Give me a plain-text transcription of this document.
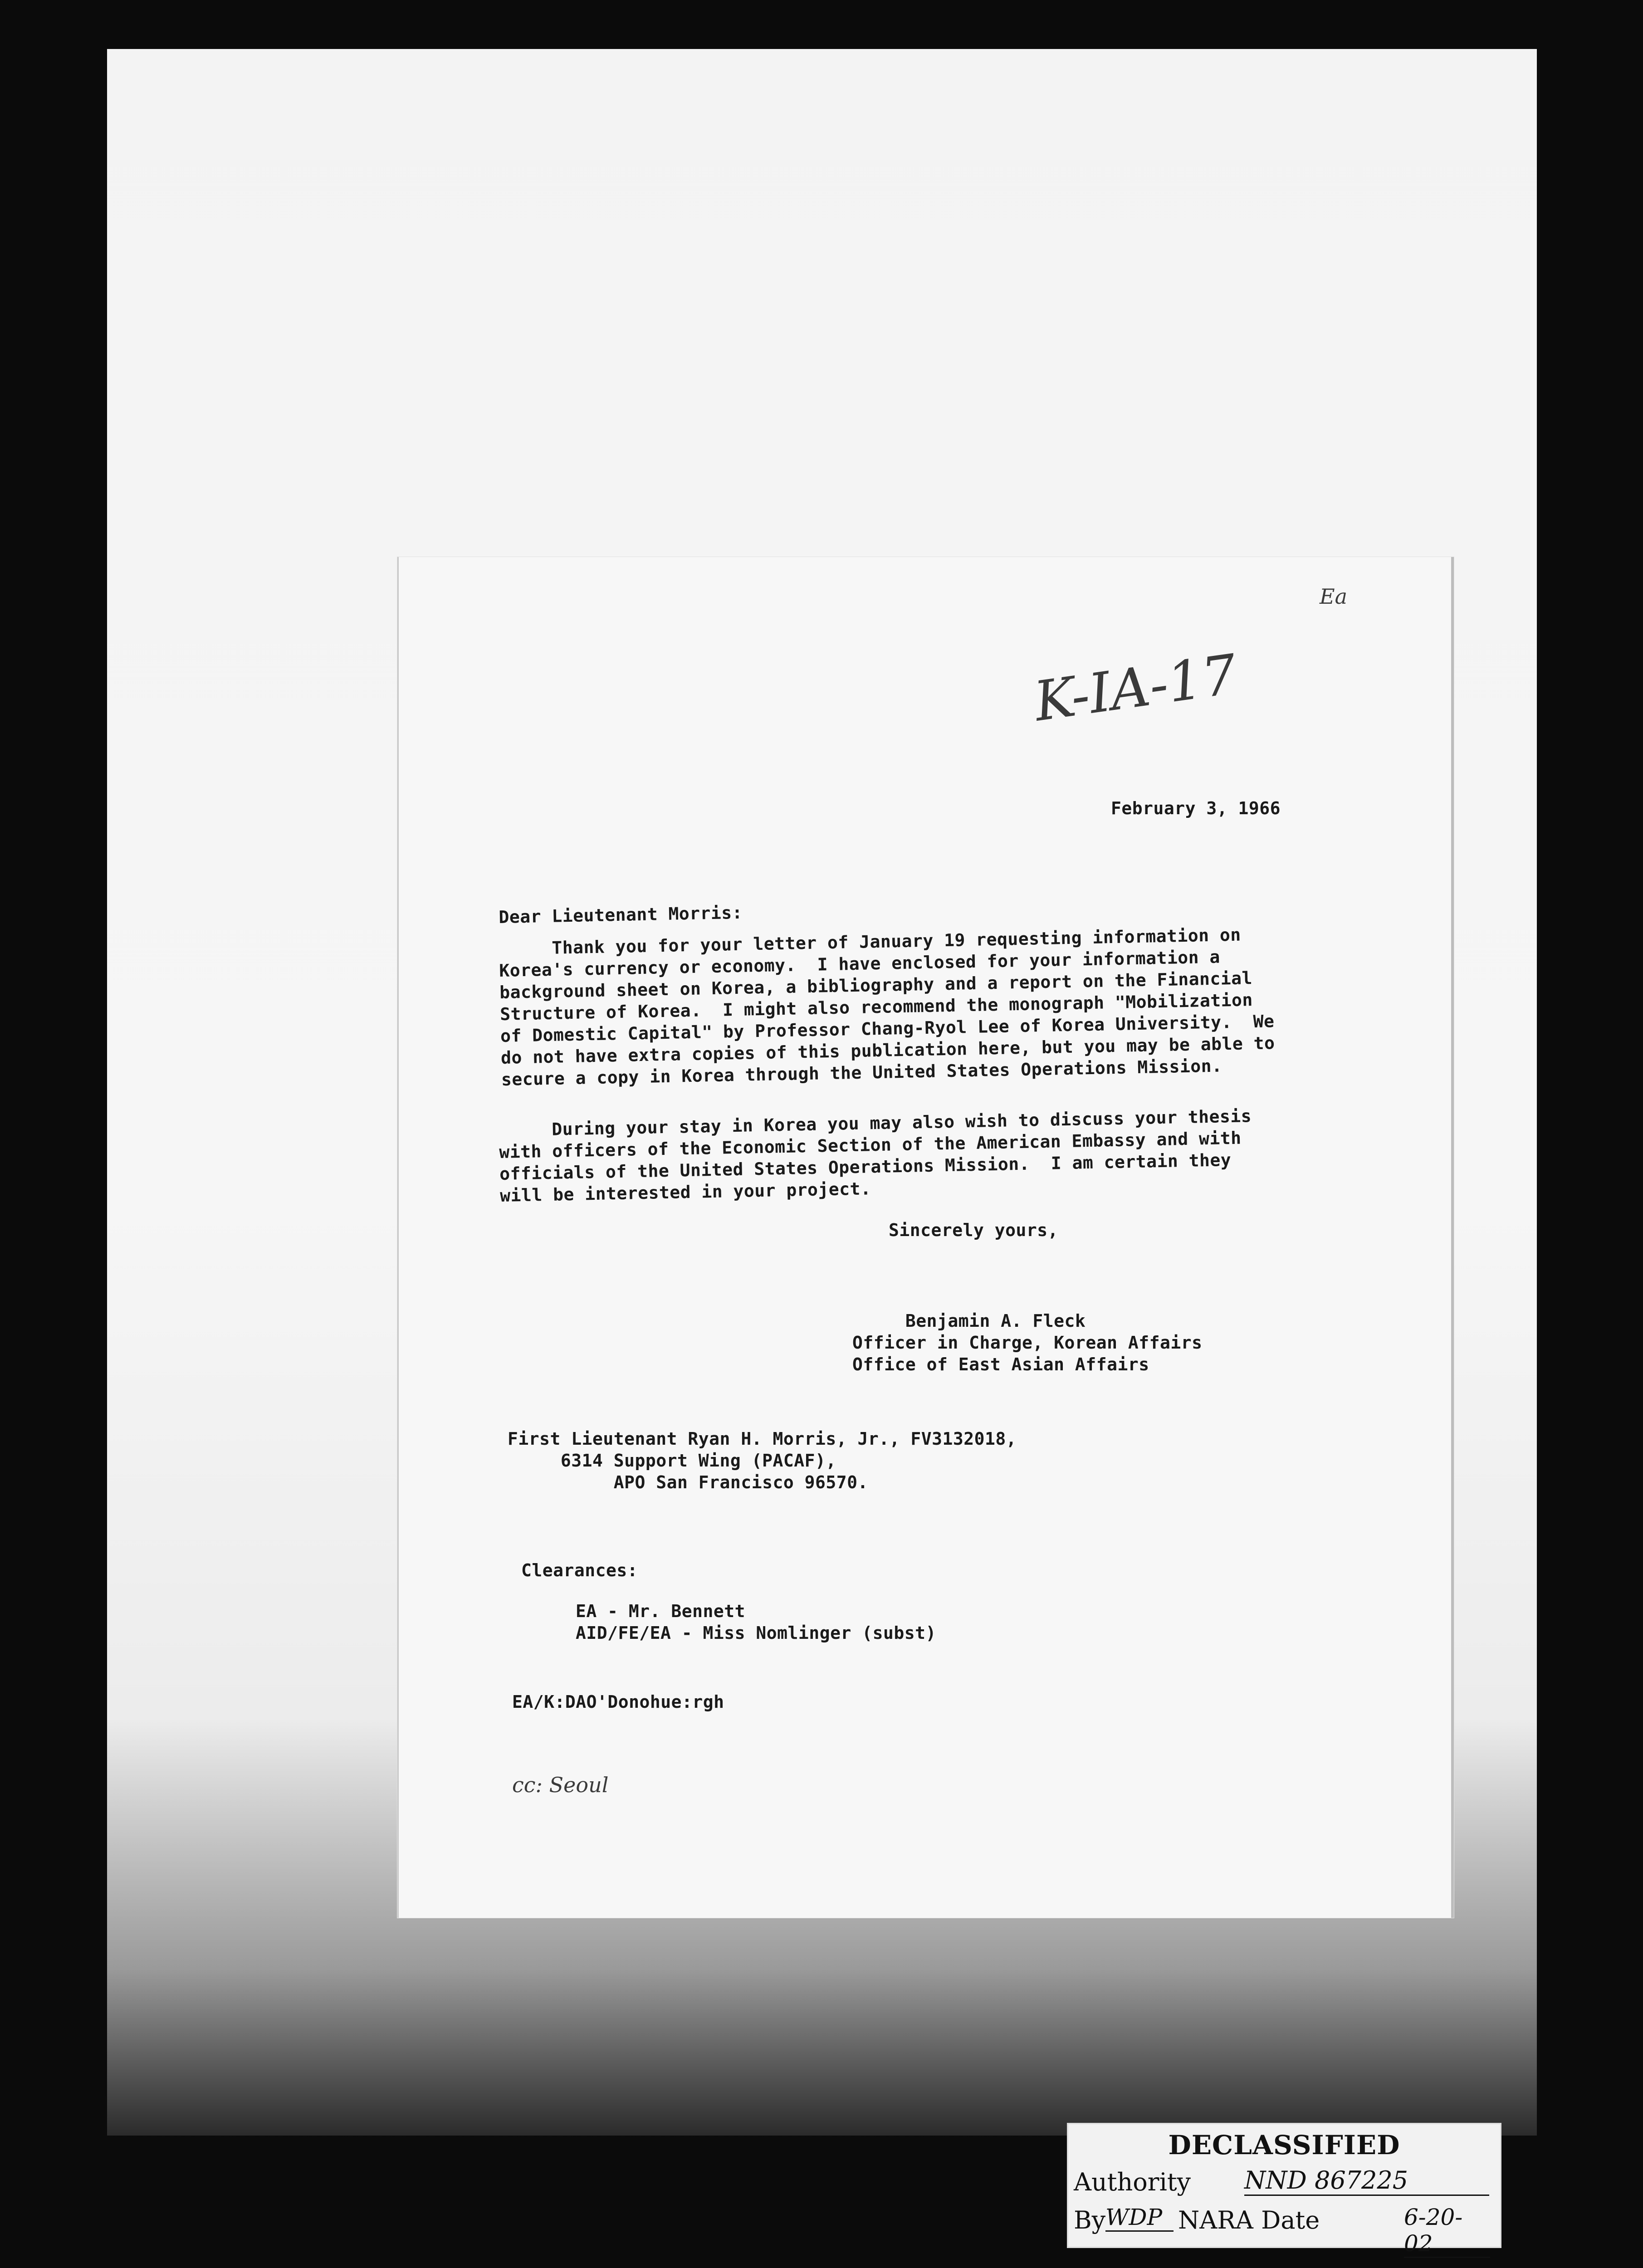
Ea
K-IA-17
February 3, 1966
Dear Lieutenant Morris:
Thank you for your letter of January 19 requesting information on
Korea's currency or economy.  I have enclosed for your information a
background sheet on Korea, a bibliography and a report on the Financial
Structure of Korea.  I might also recommend the monograph "Mobilization
of Domestic Capital" by Professor Chang-Ryol Lee of Korea University.  We
do not have extra copies of this publication here, but you may be able to
secure a copy in Korea through the United States Operations Mission.
During your stay in Korea you may also wish to discuss your thesis
with officers of the Economic Section of the American Embassy and with
officials of the United States Operations Mission.  I am certain they
will be interested in your project.
Sincerely yours,
Benjamin A. Fleck
Officer in Charge, Korean Affairs
Office of East Asian Affairs
First Lieutenant Ryan H. Morris, Jr., FV3132018,
6314 Support Wing (PACAF),
APO San Francisco 96570.
Clearances:
EA - Mr. Bennett
AID/FE/EA - Miss Nomlinger (subst)
EA/K:DAO'Donohue:rgh
cc: Seoul
DECLASSIFIED
Authority NND 867225
By WDP NARA Date	6-20-02
